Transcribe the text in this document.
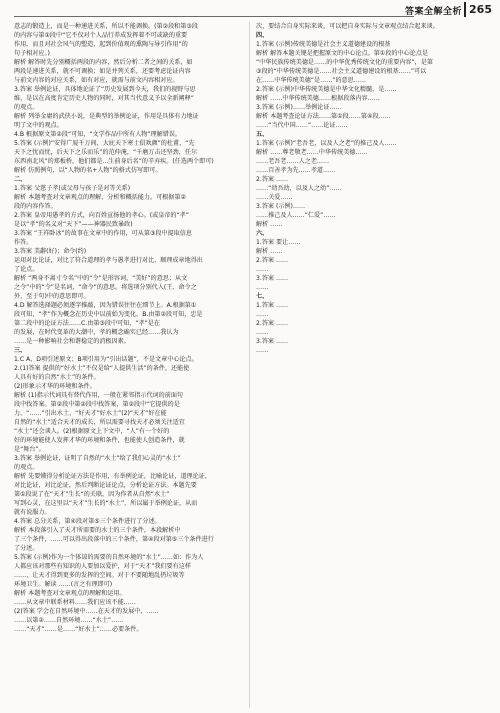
答案全解全析 265
意志的锻造上，而是一种递进关系，所以不能调换。(第②段和第③段
的内容与第①段中“它不仅对个人品行养成发挥着不可或缺的重要
作用，而且对社会风气的塑造，起到价值观的熏陶与导引作用”的
句子相对应。)
解析 解答时先分别概括两段的内容，然后分析二者之间的关系，如
两段是递进关系，就不可调换；如是并列关系，还要考虑论证内容
与前文内容的对应关系，如有对应，就需与前文内容相对应。
3.答案 举例论证，具体地论证了“历史发展到今天，我们的视野与思
维，是以在高度肯定历史人物的同时，对其当代意义予以全新阐释”
的观点。
解析 列举金庸的武侠小说，是典型的举例论证，作用是具体有力地证
明了文中的观点。
4.B 根据原文第②段“可知，“文学作品中所有人物”理解错误。
5.答案 (示例)“安得广厦千万间，大庇天下寒士俱欢颜”的杜甫，“先
天下之忧而忧，后天下之乐而乐”的范仲淹，“千磨万击还坚劲，任尔
东西南北风”的郑板桥，他们都是...生前身后名”的辛弃疾。(任选两个即可)
解析 仿照例句，以“人物的名+人物”的格式仿写即可。
二、
1.答案 父慈子孝(或父母与孩子是对等关系)
解析 本题考查对文章观点的理解，分析和概括能力。可根据第②
段的内容作答。
2.答案 皇帝用愚孝的方式，向百姓宣扬他的孝心。(或皇帝的“孝”
是以“孝”的名义对“天下”——神器民致暴政)
3.答案 “王祥卧冰”的故事在文章中的作用，可从第③段中提取信息
作答。
3.答案 美辭(好)；命令(约)
运用对比论证，对比了符合道理的孝与愚孝进行对比，顺理成章地得出
了论点。
解析 “两身不离寸令名”中的“令”是形容词，“美好”的意思；从文
之令”中的“令”是名词，“命令”的意思。将选项分别代入(王、命令之
外，至于句)中的意思即可。
4.D 解答选择题必须逐字推敲，因为错误往往在细节上。A.根据第①
段可知，“孝”作为概念在历史中以前始为变化。B.由第②段可知，忠是
第二段中的论证方法……C.由第③段中可知，“孝”是在
的发展，在时代变革的大潮中，孝的概念确实已经……我认为
……是一种影响社会和谐稳定的消极因素。
三、
1.C A、D项引述原文；B项引用为“引出话题”，不是文章中心论点。
2.(1)答案 提供的“好水土”不仅是给“人提供生活”的条件，还能使
人具有好的自然“水土”的条件。
(2)形象示才华的环境和条件。
解析 (1)指示代词具有替代作用，一般在紧邻指示代词的前面句
段中找答案。第②段中第②段中找答案，第②段中“它提供的是
力、“……”引出水土，“好天才”好水土”(2)“天才”好在能
自然的“水土”适合天才的成长，所以需要寻找天才必须关注适宜
“水土”还会谈人。(2)根据原文上下文中，“人”有一个好的
好的环境能使人发挥才华的环境和条件，也能使人创造条件，就
是“舞台”。
3.答案 举例论证，证明了自然的“水土”给了我们心灵的“水土”
的观点。
解析 先要懂得分析论证方法是作用，有举例论证，比喻论证，道理论证，
对比论证，对比论证，然后判断论证论点，分析论证方法。本题先要
第①段说了在“天才”生长“的关联，因为作者从自然“水土”
写到心灵，在这里以“天才”生长的“水土”，所以属于举例论证，从而
就有说服力。
4.答案 总分关系，第④段对第⑤三个条件进行了分述。
解析 本段落引入了天才所需要的水土的三个条件，本段解析中
了三个条件，……可以得出段落中的三个条件，第④段对第⑤三个条件进行
了分述。
5.答案 (示例)作为一个体谅的需要的自然环境的“水土”……如：作为人
人都应该对那些有知识的人要加以爱护，对于“天才”我们要有这样
……，让天才得到更多的发挥的空间。对于不要随地乱扔垃圾等
环境卫生。解读 ……(言之有理即可)
解析 本题考查对文章观点的理解和运用。
……从文章中联系材料……我们应该不能……
(2)答案 学会在自然环境中……在天才的发展中，……
……以第②……自然环境……“水土”……
……“天才”……是……“好水土”……必要条件。
次，要结合自身实际来谈，可以把自身实际与文章观点结合起来谈。
四、
1.答案 (示例)传统美德是社会主义道德建设的根基
解析 解答本题关键是把握原文的中心论点。第①段的中心论点是
“中华民族传统美德是……的中华优秀传统文化的重要内容”，是第
③段的“中华传统美德是……社会主义道德建设的根基……”可以
在……中华传统美德“是……”的意思……
2.答案 (示例)中华传统美德是中华文化精髓，是……
解析 ……中华传统美德……根据段落内容……
3.答案 (示例)……举例论证……
解析 本题考查论证方法……第①段……第④段……
……“当代中国……”……论证……
五、
1.答案 (示例)“老吾老，以及人之老”的推己及人……
解析 ……尊老敬老……中华传统美德……
……老吾老……人之老……
……百善孝为先……孝道……
2.答案 ……
……“幼吾幼，以及人之幼”……
……关爱……
3.答案 (示例)……
……推己及人……“仁爱”……
解析 ……
六、
1.答案 要让……
解析 ……
2.答案 ……
……
3.答案 ……
……
七、
1.答案 ……
……
2.答案 ……
……
3.答案 ……
……
